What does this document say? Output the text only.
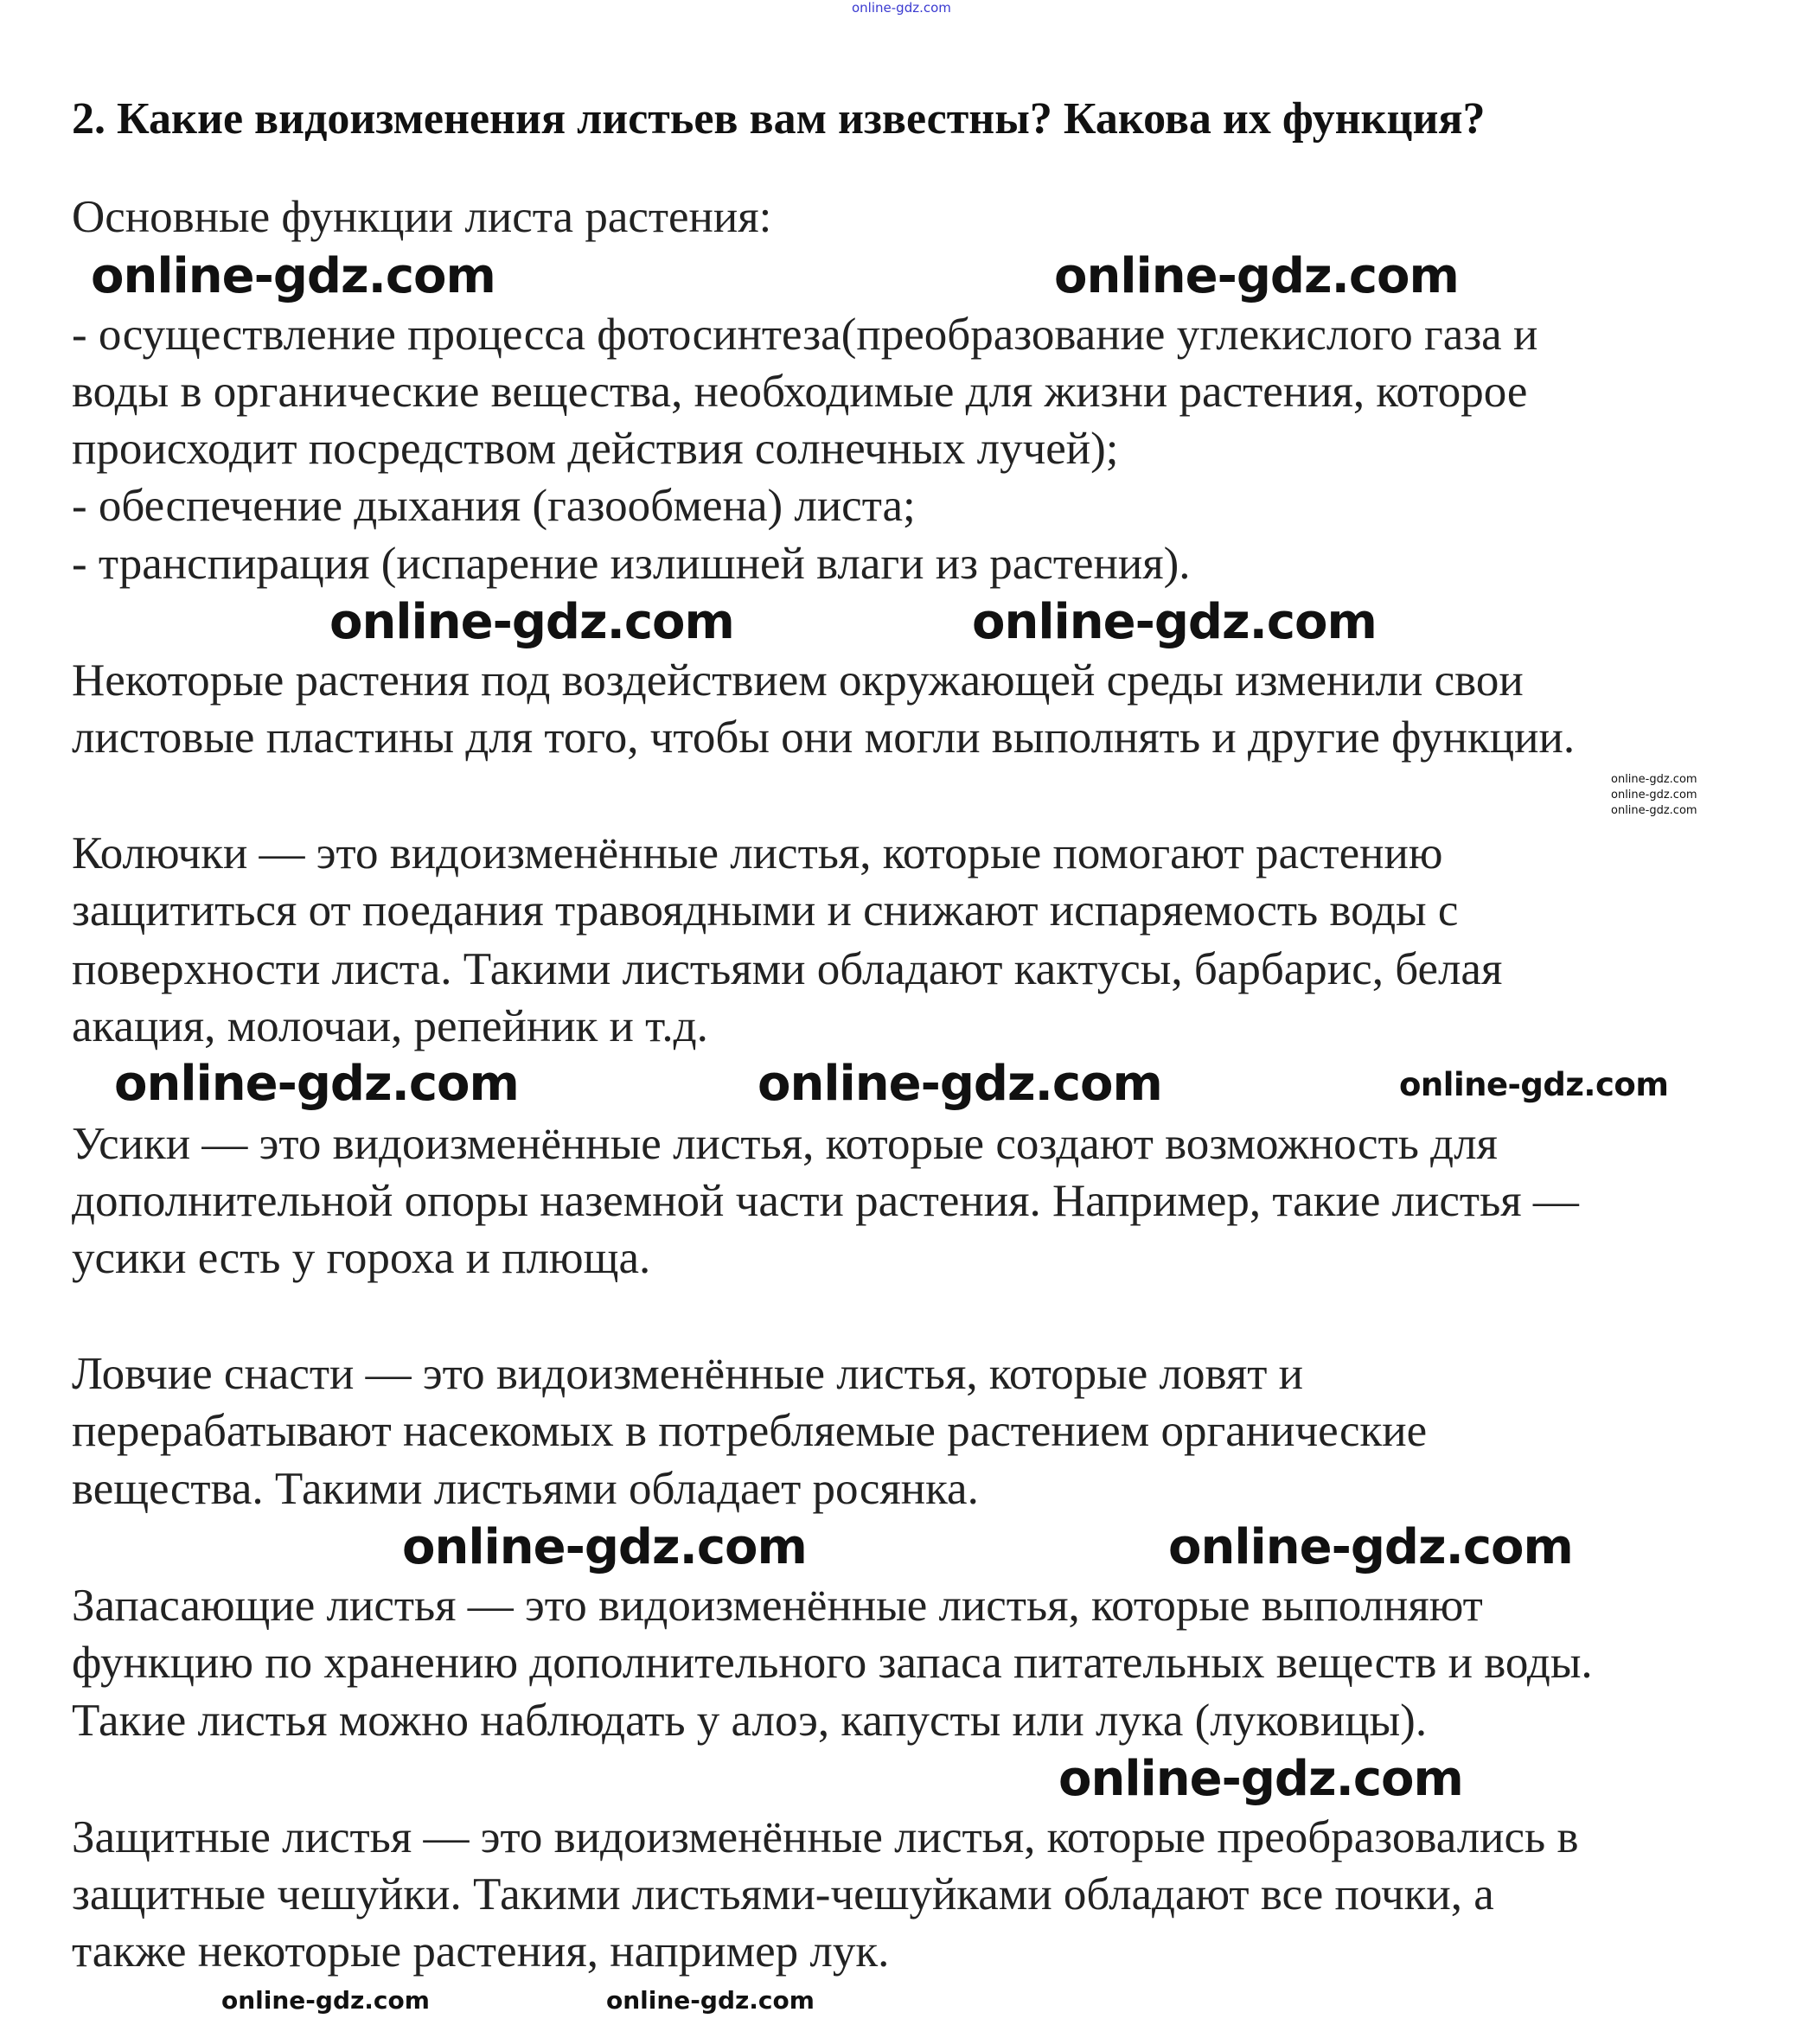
online-gdz.com
2. Какие видоизменения листьев вам известны? Какова их функция?
Основные функции листа растения:
- осуществление процесса фотосинтеза(преобразование углекислого газа и
воды в органические вещества, необходимые для жизни растения, которое
происходит посредством действия солнечных лучей);
- обеспечение дыхания (газообмена) листа;
- транспирация (испарение излишней влаги из растения).
Некоторые растения под воздействием окружающей среды изменили свои
листовые пластины для того, чтобы они могли выполнять и другие функции.
Колючки — это видоизменённые листья, которые помогают растению
защититься от поедания травоядными и снижают испаряемость воды с
поверхности листа. Такими листьями обладают кактусы, барбарис, белая
акация, молочаи, репейник и т.д.
Усики — это видоизменённые листья, которые создают возможность для
дополнительной опоры наземной части растения. Например, такие листья —
усики есть у гороха и плюща.
Ловчие снасти — это видоизменённые листья, которые ловят и
перерабатывают насекомых в потребляемые растением органические
вещества. Такими листьями обладает росянка.
Запасающие листья — это видоизменённые листья, которые выполняют
функцию по хранению дополнительного запаса питательных веществ и воды.
Такие листья можно наблюдать у алоэ, капусты или лука (луковицы).
Защитные листья — это видоизменённые листья, которые преобразовались в
защитные чешуйки. Такими листьями-чешуйками обладают все почки, а
также некоторые растения, например лук.
online-gdz.com	online-gdz.com
online-gdz.com	online-gdz.com
online-gdz.com
online-gdz.com
online-gdz.com
online-gdz.com	online-gdz.com	online-gdz.com
online-gdz.com	online-gdz.com
online-gdz.com
online-gdz.com	online-gdz.com
